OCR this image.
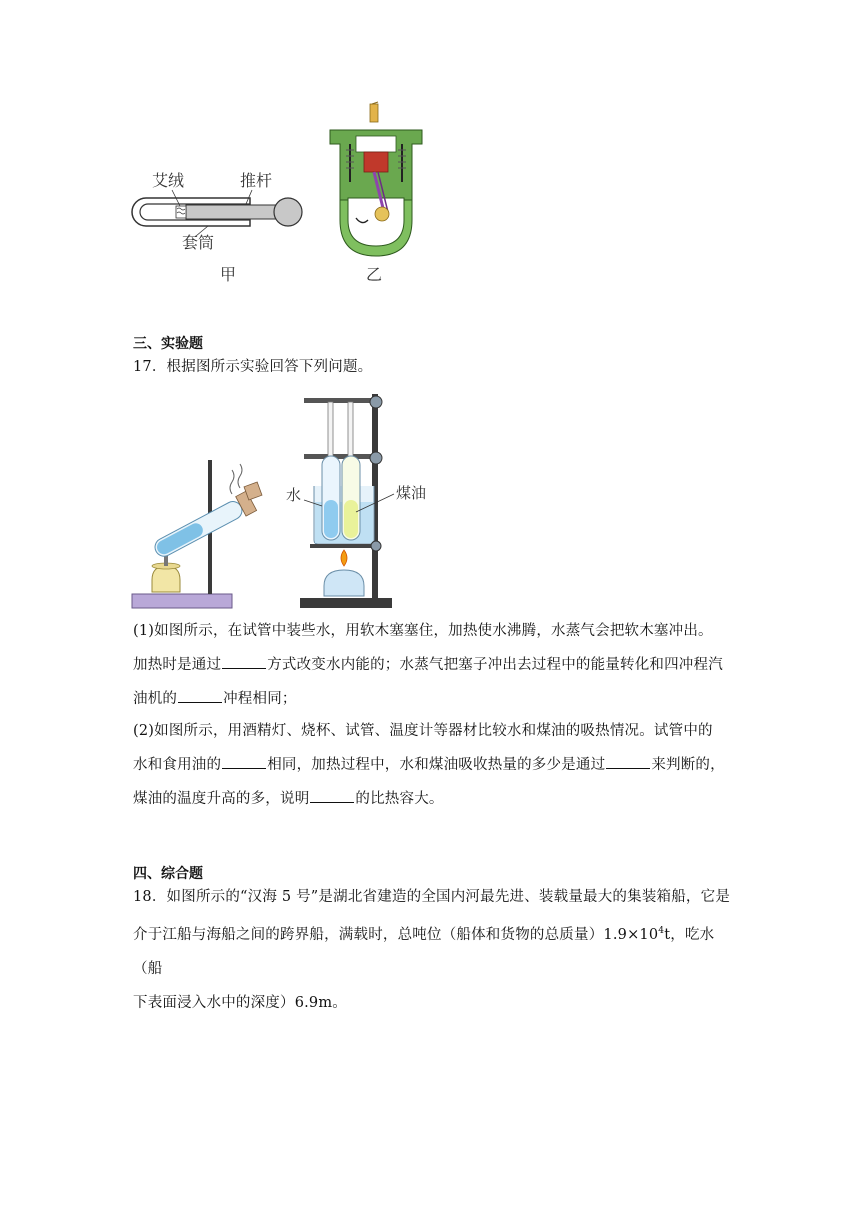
艾绒	推杆
套筒
甲	乙
三、实验题
17．根据图所示实验回答下列问题。
水	煤油
(1)如图所示，在试管中装些水，用软木塞塞住，加热使水沸腾，水蒸气会把软木塞冲出。
加热时是通过	方式改变水内能的；水蒸气把塞子冲出去过程中的能量转化和四冲程汽
油机的	冲程相同；
(2)如图所示，用酒精灯、烧杯、试管、温度计等器材比较水和煤油的吸热情况。试管中的
水和食用油的	相同，加热过程中，水和煤油吸收热量的多少是通过	来判断的，
煤油的温度升高的多，说明	的比热容大。
四、综合题
18．如图所示的“汉海 5 号”是湖北省建造的全国内河最先进、装载量最大的集装箱船，它是
介于江船与海船之间的跨界船，满载时，总吨位（船体和货物的总质量）$1.9\times 10^4t$，吃水（船
下表面浸入水中的深度）6.9m。
